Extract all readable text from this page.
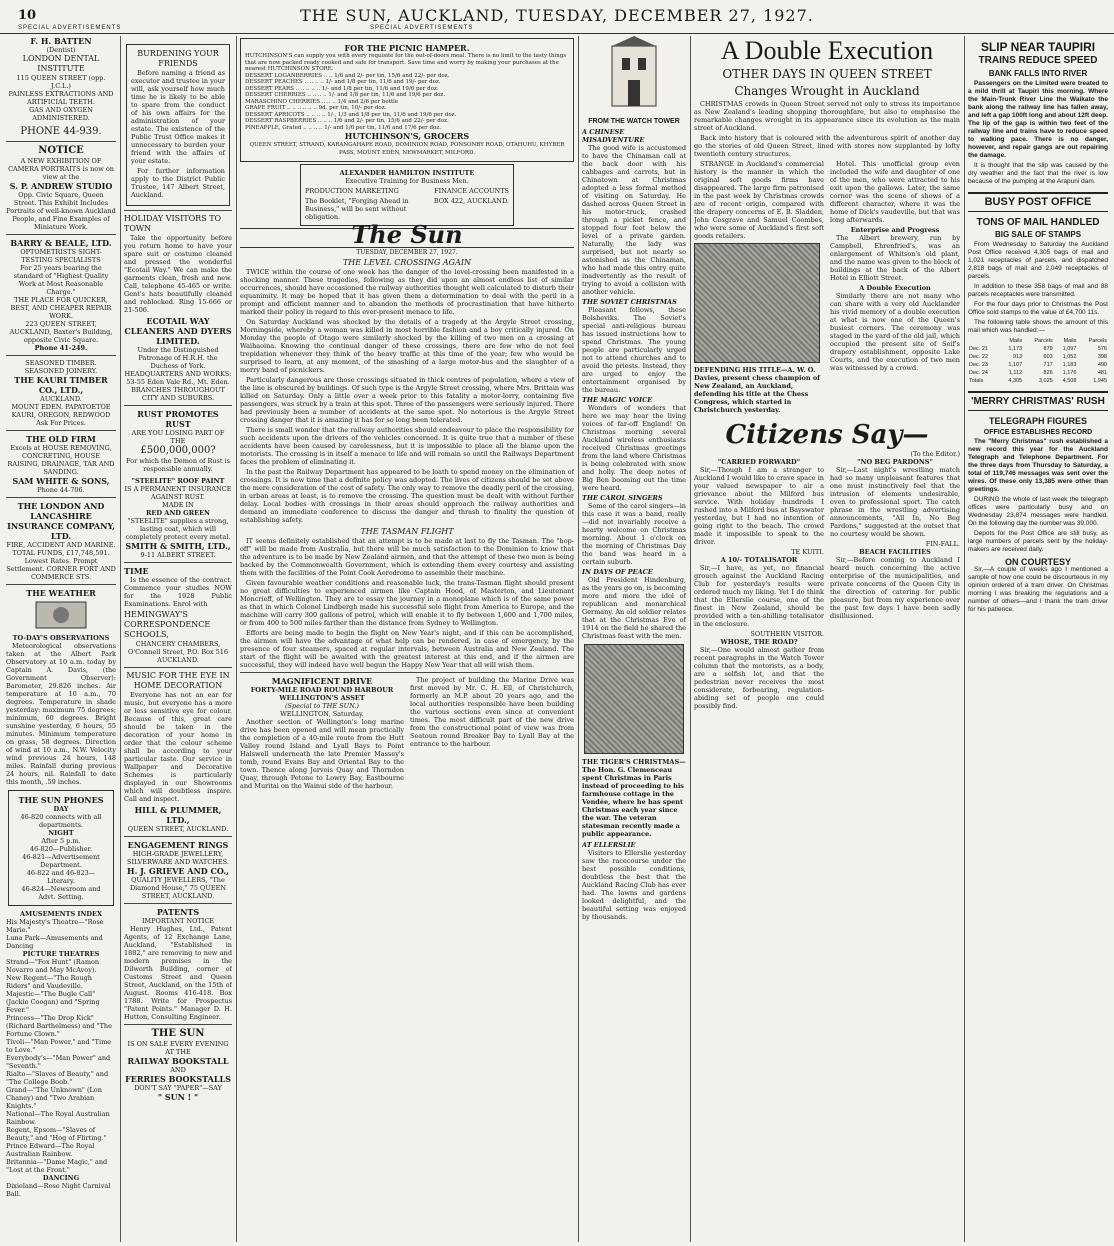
10	THE SUN, AUCKLAND, TUESDAY, DECEMBER 27, 1927.
SPECIAL ADVERTISEMENTS	SPECIAL ADVERTISEMENTS
F. H. BATTEN
(Dentist)
LONDON DENTAL INSTITUTE
115 QUEEN STREET (opp. J.C.L.)
PAINLESS EXTRACTIONS AND ARTIFICIAL TEETH.
GAS AND OXYGEN ADMINISTERED.
PHONE 44-939.
NOTICE
A NEW EXHIBITION OF CAMERA PORTRAITS is now on view at the
S. P. ANDREW STUDIO
Opp. Civic Square, Queen Street. This Exhibit Includes Portraits of well-known Auckland People, and Fine Examples of Miniature Work.
BARRY & BEALE, LTD.
OPTOMETRISTS SIGHT-TESTING SPECIALISTS
For 25 years bearing the standard of "Highest Quality Work at Most Reasonable Charge."
THE PLACE FOR QUICKER, BEST, AND CHEAPER REPAIR WORK.
223 QUEEN STREET, AUCKLAND, Baxter's Building, opposite Civic Square.
Phone 41-249.
SEASONED TIMBER. SEASONED JOINERY.
THE KAURI TIMBER CO., LTD.,
AUCKLAND.
MOUNT EDEN. PAPATOETOE
KAURI, OREGON, REDWOOD
Ask For Prices.
THE OLD FIRM
Excels at HOUSE REMOVING, CONCRETING, HOUSE RAISING, DRAINAGE, TAR AND SANDING.
SAM WHITE & SONS,
Phone 44-706.
THE LONDON AND LANCASHIRE INSURANCE COMPANY, LTD.
FIRE, ACCIDENT AND MARINE. TOTAL FUNDS, £17,748,591.
Lowest Rates. Prompt Settlement. CORNER FORT AND COMMERCE STS.
THE WEATHER
TO-DAY'S OBSERVATIONS

Meteorological observations taken at the Albert Park Observatory at 10 a.m. today by Captain A. Davis, (the Government Observer): Barometer, 29.826 inches. Air temperature at 10 a.m., 70 degrees. Temperature in shade yesterday: maximum 75 degrees; minimum, 60 degrees. Bright sunshine yesterday, 6 hours, 55 minutes. Minimum temperature on grass, 58 degrees. Direction of wind at 10 a.m., N.W. Velocity wind previous 24 hours, 148 miles. Rainfall during previous 24 hours, nil. Rainfall to date this month, .59 inches.

THE SUN PHONES
DAY
46-820 connects with all departments.
NIGHT
After 5 p.m.
46-820—Publisher.
46-821—Advertisement Department.
46-822 and 46-823—Literary.
46-824—Newsroom and Advt. Setting.
AMUSEMENTS INDEX
His Majesty's Theatre—"Rose Marie."
Luna Park—Amusements and Dancing
PICTURE THEATRES
Strand—"Fox Hunt" (Ramon Novarro and May McAvoy).
New Regent—"The Rough Riders" and Vaudeville.
Majestic—"The Bugle Call" (Jackie Coogan) and "Spring Fever."
Princess—"The Drop Kick" (Richard Barthelmess) and "The Fortune Clown."
Tivoli—"Man Power," and "Time to Love."
Everybody's—"Man Power" and "Seventh."
Rialto—"Slaves of Beauty," and "The College Boob."
Grand—"The Unknown" (Lon Chaney) and "Two Arabian Knights."
National—The Royal Australian Rainbow.
Regent, Epsom—"Slaves of Beauty," and "Hog of Flirting."
Prince Edward—The Royal Australian Rainbow.
Britannia—"Dame Magic," and "Lost at the Front."
DANCING
Dixieland—Rose Night Carnival Ball.
BURDENING YOUR FRIENDS

Before naming a friend as executor and trustee in your will, ask yourself how much time he is likely to be able to spare from the conduct of his own affairs for the administration of your estate. The existence of the Public Trust Office makes it unnecessary to burden your friend with the affairs of your estate.

For further information apply to the District Public Trustee, 147 Albert Street, Auckland.

HOLIDAY VISITORS TO TOWN

Take the opportunity before you return home to have your spare suit or costume cleaned and pressed the wonderful "Ecotail Way." We can make the garments clean, fresh and new. Call, telephone 45-465 or write. Gent's hats beautifully cleaned and reblocked. Ring 15-666 or 21-506.

ECOTAIL WAY CLEANERS AND DYERS LIMITED.
Under the Distinguished Patronage of H.R.H. the Duchess of York.
HEADQUARTERS AND WORKS: 53-55 Eden Vale Rd., Mt. Eden.
BRANCHES THROUGHOUT CITY AND SUBURBS.
RUST PROMOTES RUST
ARE YOU LOSING PART OF THE
£500,000,000?
For which the Demon of Rust is responsible annually.
"STEELITE" ROOF PAINT
IS A PERMANENT INSURANCE
AGAINST RUST.
MADE IN
RED AND GREEN
"STEELITE" supplies a strong, lasting coat, which will completely protect every metal.
SMITH & SMITH, LTD.,
9-11 ALBERT STREET.
TIME

Is the essence of the contract. Commence your studies NOW for the 1928 Public Examinations. Enrol with

HEMINGWAY'S CORRESPONDENCE SCHOOLS,
CHANCERY CHAMBERS, O'Connell Street, P.O. Box 516 AUCKLAND.
MUSIC FOR THE EYE IN HOME DECORATION

Everyone has not an ear for music, but everyone has a more or less sensitive eye for colour. Because of this, great care should be taken in the decoration of your home in order that the colour scheme shall be according to your particular taste. Our service in Wallpaper and Decorative Schemes is particularly displayed in our Showrooms which will doubtless inspire. Call and inspect.

HILL & PLUMMER, LTD.,
QUEEN STREET, AUCKLAND.
ENGAGEMENT RINGS
HIGH-GRADE JEWELLERY, SILVERWARE AND WATCHES.
H. J. GRIEVE AND CO.,
QUALITY JEWELLERS, "The Diamond House," 75 QUEEN STREET, AUCKLAND.
PATENTS
IMPORTANT NOTICE

Henry Hughes, Ltd., Patent Agents, of 12 Exchange Lane, Auckland, "Established in 1882," are removing to new and modern premises in the Dilworth Building, corner of Customs Street and Queen Street, Auckland, on the 15th of August. Rooms 416-418. Box 1788. Write for Prospectus "Patent Points." Manager D. H. Hutton, Consulting Engineer.

THE SUN
IS ON SALE EVERY EVENING
AT THE
RAILWAY BOOKSTALL
AND
FERRIES BOOKSTALLS
DON'T SAY "PAPER"—SAY
" SUN ! "
FOR THE PICNIC HAMPER.
HUTCHINSON'S can supply you with every requisite for the out-of-doors meal. There is no limit to the tasty things that are now packed ready cooked and safe for transport. Save time and worry by making your purchases at the nearest HUTCHINSON STORE.
DESSERT LOGANBERRIES .. .. 1/6 and 2/- per tin, 15/6 and 22/- per doz.
DESSERT PEACHES .. .. .. .. 1/- and 1/8 per tin, 11/6 and 19/- per doz.
DESSERT PEARS .. .. .. .. .. 1/- and 1/8 per tin, 11/6 and 19/6 per doz.
DESSERT CHERRIES .. .. .. .. 1/- and 1/8 per tin, 11/6 and 19/6 per doz.
MARASCHINO CHERRIES .. .. .. 1/4 and 2/6 per bottle
GRAPE FRUIT .. .. .. .. .. .. 9d. per tin, 10/- per doz.
DESSERT APRICOTS .. .. .. .. 1/-, 1/3 and 1/8 per tin, 11/6 and 19/6 per doz.
DESSERT RASPBERRIES .. .. .. 1/6 and 2/- per tin, 15/6 and 22/- per doz.
PINEAPPLE, Grated .. .. .. .. 1/- and 1/6 per tin, 11/6 and 17/6 per doz.
HUTCHINSON'S, GROCERS
QUEEN STREET, STRAND, KARANGAHAPE ROAD, DOMINION ROAD, PONSONBY ROAD, OTAHUHU, KHYBER PASS, MOUNT EDEN, NEWMARKET, MILFORD.
ALEXANDER HAMILTON INSTITUTE
Executive Training for Business Men.
PRODUCTION MARKETING	FINANCE ACCOUNTS
The Booklet, "Forging Ahead in Business," will be sent without obligation.
BOX 422, AUCKLAND.
The Sun
TUESDAY, DECEMBER 27, 1927.
THE LEVEL CROSSING AGAIN

TWICE within the course of one week has the danger of the level-crossing been manifested in a shocking manner. These tragedies, following as they did upon an almost endless list of similar occurrences, should have occasioned the railway authorities thought well calculated to disturb their equanimity. It may be hoped that it has given them a determination to deal with the peril in a prompt and efficient manner and to abandon the methods of procrastination that have hitherto marked their policy in regard to this ever-present menace to life.

On Saturday Auckland was shocked by the details of a tragedy at the Argyle Street crossing, Morningside, whereby a woman was killed in most horrible fashion and a boy critically injured. On Monday the people of Otago were similarly shocked by the killing of two men on a crossing at Waihaoina. Knowing the continual danger of these crossings, there are few who do not feel trepidation whenever they think of the heavy traffic at this time of the year; few who would be surprised to learn, at any moment, of the smashing of a large motor-bus and the slaughter of a merry band of picnickers.

Particularly dangerous are those crossings situated in thick centres of population, where a view of the line is obscured by buildings. Of such type is the Argyle Street crossing, where Mrs. Brittain was killed on Saturday. Only a little over a week prior to this fatality a motor-lorry, containing five passengers, was struck by a train at this spot. Three of the passengers were seriously injured. There had previously been a number of accidents at the same spot. No notorious is the Argyle Street crossing danger that it is amazing it has for so long been tolerated.

There is small wonder that the railway authorities should endeavour to place the responsibility for such accidents upon the drivers of the vehicles concerned. It is quite true that a number of these accidents have been caused by carelessness, but it is impossible to place all the blame upon the motorists. The crossing is in itself a menace to life and will remain so until the Railways Department faces the problem of eliminating it.

In the past the Railway Department has appeared to be loath to spend money on the elimination of crossings. It is now time that a definite policy was adopted. The lives of citizens should be set above the mere consideration of the cost of safety. The only way to remove the deadly peril of the crossing, in urban areas at least, is to remove the crossing. The question must be dealt with without further delay. Local bodies with crossings in their areas should approach the railway authorities and demand an immediate conference to discuss the danger and thrash to finality the question of establishing safety.

THE TASMAN FLIGHT

IT seems definitely established that an attempt is to be made at last to fly the Tasman. The "hop-off" will be made from Australia, but there will be much satisfaction to the Dominion to know that the adventure is to be made by New Zealand airmen, and that the attempt of these two men is being backed by the Commonwealth Government, which is extending them every courtesy and assisting them with the facilities of the Point Cook Aerodrome to assemble their machine.

Given favourable weather conditions and reasonable luck, the trans-Tasman flight should present no great difficulties to experienced airmen like Captain Hood, of Masterton, and Lieutenant Moncrieff, of Wellington. They are to essay the journey in a monoplane which is of the same power as that in which Colonel Lindbergh made his successful solo flight from America to Europe, and the machine will carry 300 gallons of petrol, which will enable it to fly between 1,600 and 1,700 miles, or from 400 to 500 miles farther than the distance from Sydney to Wellington.

Efforts are being made to begin the flight on New Year's night, and if this can be accomplished, the airmen will have the advantage of what help can be rendered, in case of emergency, by the presence of four steamers, spaced at regular intervals, between Australia and New Zealand. The start of the flight will be awaited with the greatest interest at this end, and if the airmen are successful, they will indeed have well begun the Happy New Year that all will wish them.

MAGNIFICENT DRIVE
FORTY-MILE ROAD ROUND HARBOUR
WELLINGTON'S ASSET
(Special to THE SUN.)
WELLINGTON, Saturday.

Another section of Wellington's long marine drive has been opened and will mean practically the completion of a 40-mile route from the Hutt Valley round Island and Lyall Bays to Point Halswell underneath the late Premier Massey's tomb, round Evans Bay and Oriental Bay to the town. Thence along Jervois Quay and Thorndon Quay, through Petone to Lowry Bay, Eastbourne and Muritai on the Wainui side of the harbour.

The project of building the Marine Drive was first moved by Mr. C. H. Ell, of Christchurch, formerly an M.P. about 20 years ago, and the local authorities responsible have been building the various sections even since at convenient times. The most difficult part of the new drive from the constructional point of view was from Seatoun round Breaker Bay to Lyall Bay at the entrance to the harbour.

FROM THE WATCH TOWER
A CHINESE MISADVENTURE

The good wife is accustomed to have the Chinaman call at the back door with his cabbages and carrots, but in Chinatown at Christmas adopted a less formal method of visiting on Saturday. He dashed across Queen Street in his motor-truck, crashed through a picket fence, and stopped four feet below the level of a private garden. Naturally, the lady was surprised, but not nearly so astonished as the Chinaman, who had made this entry quite inadvertently as the result of trying to avoid a collision with another vehicle.

THE SOVIET CHRISTMAS

Pleasant fellows, these Bolsheviks. The Soviet's special anti-religious bureau has issued instructions how to spend Christmas. The young people are particularly urged not to attend churches and to avoid the priests. Instead, they are urged to enjoy the entertainment organised by the bureau.

THE MAGIC VOICE

Wonders of wonders that here we may hear the living voices of far-off England! On Christmas morning several Auckland wireless enthusiasts received Christmas greetings from the land where Christmas is being celebrated with snow and holly. The deep notes of Big Ben booming out the time were heard.

THE CAROL SINGERS

Some of the carol singers—in this case it was a band, really—did not invariably receive a hearty welcome on Christmas morning. About 1 o'clock on the morning of Christmas Day the band was heard in a certain suburb.

IN DAYS OF PEACE

Old President Hindenburg, as the years go on, is becoming more and more the idol of republican and monarchical Germany. An old soldier relates that at the Christmas Eve of 1914 on the field he shared the Christmas feast with the men.

THE TIGER'S CHRISTMAS—The Hon. G. Clemenceau spent Christmas in Paris instead of proceeding to his farmhouse cottage in the Vendée, where he has spent Christmas each year since the war. The veteran statesman recently made a public appearance.
AT ELLERSLIE

Visitors to Ellerslie yesterday saw the racecourse under the best possible conditions, doubtless the best that the Auckland Racing Club has ever had. The lawns and gardens looked delightful, and the beautiful setting was enjoyed by thousands.

A Double Execution
OTHER DAYS IN QUEEN STREET
Changes Wrought in Auckland

CHRISTMAS crowds in Queen Street served not only to stress its importance as New Zealand's leading shopping thoroughfare, but also to emphasise the remarkable changes wrought in its appearance since its evolution as the main street of Auckland.

Back into history that is coloured with the adventurous spirit of another day go the stories of old Queen Street, lined with stores now supplanted by lofty twentieth century structures.

STRANGE in Auckland's commercial history is the manner in which the original soft goods firms have disappeared. The large firm patronised in the past week by Christmas crowds are of recent origin, compared with the drapery concerns of E. B. Sladden, John Cosgrave and Samuel Coombes, who were some of Auckland's first soft goods retailers.

DEFENDING HIS TITLE—A. W. O. Davies, present chess champion of New Zealand, an Auckland, defending his title at the Chess Congress, which started in Christchurch yesterday.

Hotel. This unofficial group even included the wife and daughter of one of the men, who were attracted to his exit upon the gallows. Later, the same corner was the scene of shows of a different character, where it was the home of Dick's vaudeville, but that was long afterwards.

Enterprise and Progress

The Albert brewery, run by Campbell, Ehrenfried's, was an enlargement of Whitson's old plant, and the name was given to the block of buildings at the back of the Albert Hotel in Elliott Street.

A Double Execution

Similarly there are not many who can share with a very old Aucklander his vivid memory of a double execution at what is now one of the Queen's busiest corners. The ceremony was staged in the yard of the old jail, which occupied the present site of Seif's drapery establishment, opposite Lake Courts, and the execution of two men was witnessed by a crowd.

Citizens Say—
(To the Editor.)
"CARRIED FORWARD"

Sir,—Though I am a stranger to Auckland I would like to crave space in your valued newspaper to air a grievance about the Milford bus service. With holiday hundreds I rushed into a Milford bus at Bayswater yesterday, but I had no intention of going right to the beach. The crowd made it impossible to speak to the driver.

TE KUITI.
A 10/- TOTALISATOR

Sir,—I have, as yet, no financial grouch against the Auckland Racing Club for yesterday's results were ordered much my liking. Yet I do think that the Ellerslie course, one of the finest in New Zealand, should be provided with a ten-shilling totalisator in the enclosure.

SOUTHERN VISITOR.
WHOSE, THE ROAD?

Sir,—One would almost gather from recent paragraphs in the Watch Tower column that the motorists, as a body, are a selfish lot, and that the pedestrian never receives the most considerate, forbearing, regulation-abiding set of people one could possibly find.

"NO BEG PARDONS"

Sir,—Last night's wrestling match had so many unpleasant features that one must instinctively feel that the intrusion of elements undesirable, even to professional sport. The catch phrase in the wrestling advertising announcements, "All In, No Beg Pardons," suggested at the outset that no courtesy would be shown.

FIN-FALL.
BEACH FACILITIES

Sir,—Before coming to Auckland I heard much concerning the active enterprise of the municipalities, and private concerns of the Queen City in the direction of catering for public pleasure, but from my experience over the past few days I have been sadly disillusioned.

SLIP NEAR TAUPIRI
TRAINS REDUCE SPEED
BANK FALLS INTO RIVER

Passengers on the Limited were treated to a mild thrill at Taupiri this morning. Where the Main-Trunk River Line the Waikato the bank along the railway line has fallen away, and left a gap 100ft long and about 12ft deep. The lip of the gap is within two feet of the railway line and trains have to reduce speed to walking pace. There is no danger, however, and repair gangs are out repairing the damage.

It is thought that the slip was caused by the dry weather and the fact that the river is low because of the pumping at the Arapuni dam.

BUSY POST OFFICE
TONS OF MAIL HANDLED
BIG SALE OF STAMPS

From Wednesday to Saturday the Auckland Post Office received 4,305 bags of mail and 1,021 receptacles of parcels, and dispatched 2,818 bags of mail and 2,049 receptacles of parcels.

In addition to these 358 bags of mail and 88 parcels receptacles were transmitted.

For the four days prior to Christmas the Post Office sold stamps to the value of £4,700 11s.

The following table shows the amount of this mail which was handled:—

	Mails	Parcels	Mails	Parcels
Dec. 21	1,173	879	1,097	576
Dec. 22	913	603	1,052	398
Dec. 23	1,107	717	1,183	490
Dec. 24	1,112	826	1,176	481
Totals	4,305	3,025	4,508	1,945
'MERRY CHRISTMAS' RUSH
TELEGRAPH FIGURES
OFFICE ESTABLISHES RECORD

The "Merry Christmas" rush established a new record this year for the Auckland Telegraph and Telephone Department. For the three days from Thursday to Saturday, a total of 119,746 messages was sent over the wires. Of these only 13,385 were other than greetings.

DURING the whole of last week the telegraph offices were particularly busy and on Wednesday 23,874 messages were handled. On the following day the number was 39,000.

Depots for the Post Office are still busy, as large numbers of parcels sent by the holiday-makers are received daily.

ON COURTESY

Sir,—A couple of weeks ago I mentioned a sample of how one could be discourteous in my opinion ordered of a tram driver. On Christmas morning I was breaking the regulations and a number of others—and I thank the tram driver for his patience.
